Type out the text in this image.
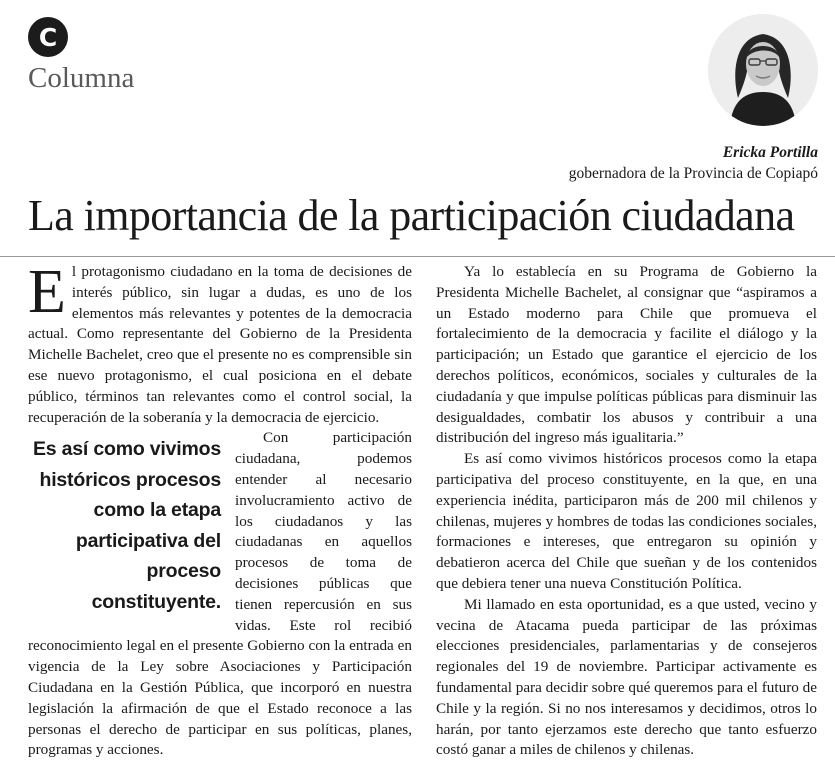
C
Columna
Ericka Portilla
gobernadora de la Provincia de Copiapó
La importancia de la participación ciudadana

El protagonismo ciudadano en la toma de decisiones de interés público, sin lugar a dudas, es uno de los elementos más relevantes y potentes de la democracia actual. Como representante del Gobierno de la Presidenta Michelle Bachelet, creo que el presente no es comprensible sin ese nuevo protagonismo, el cual posiciona en el debate público, términos tan relevantes como el control social, la recuperación de la soberanía y la democracia de ejercicio.

Es así como vivimos históricos procesos como la etapa participativa del proceso constituyente.

Con participación ciudadana, podemos entender al necesario involucramiento activo de los ciudadanos y las ciudadanas en aquellos procesos de toma de decisiones públicas que tienen repercusión en sus vidas. Este rol recibió reconocimiento legal en el presente Gobierno con la entrada en vigencia de la Ley sobre Asociaciones y Participación Ciudadana en la Gestión Pública, que incorporó en nuestra legislación la afirmación de que el Estado reconoce a las personas el derecho de participar en sus políticas, planes, programas y acciones.

Ya lo establecía en su Programa de Gobierno la Presidenta Michelle Bachelet, al consignar que “aspiramos a un Estado moderno para Chile que promueva el fortalecimiento de la democracia y facilite el diálogo y la participación; un Estado que garantice el ejercicio de los derechos políticos, económicos, sociales y culturales de la ciudadanía y que impulse políticas públicas para disminuir las desigualdades, combatir los abusos y contribuir a una distribución del ingreso más igualitaria.”

Es así como vivimos históricos procesos como la etapa participativa del proceso constituyente, en la que, en una experiencia inédita, participaron más de 200 mil chilenos y chilenas, mujeres y hombres de todas las condiciones sociales, formaciones e intereses, que entregaron su opinión y debatieron acerca del Chile que sueñan y de los contenidos que debiera tener una nueva Constitución Política.

Mi llamado en esta oportunidad, es a que usted, vecino y vecina de Atacama pueda participar de las próximas elecciones presidenciales, parlamentarias y de consejeros regionales del 19 de noviembre. Participar activamente es fundamental para decidir sobre qué queremos para el futuro de Chile y la región. Si no nos interesamos y decidimos, otros lo harán, por tanto ejerzamos este derecho que tanto esfuerzo costó ganar a miles de chilenos y chilenas.
